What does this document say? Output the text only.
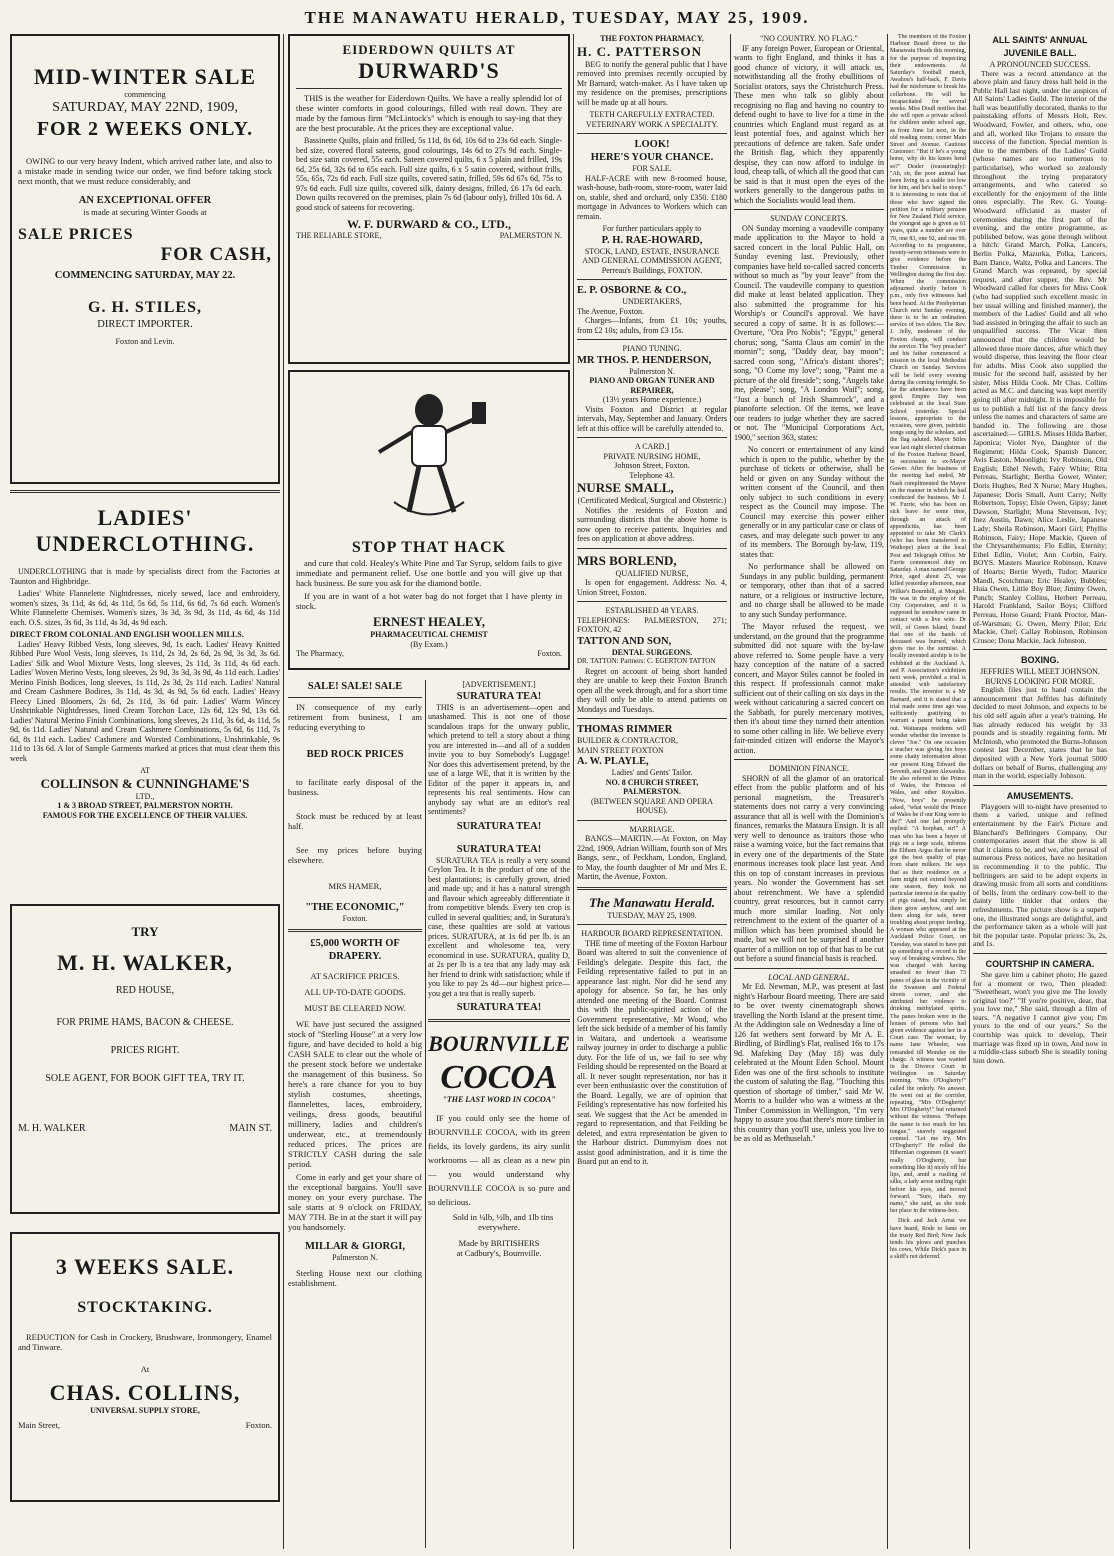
THE MANAWATU HERALD, TUESDAY, MAY 25, 1909.
MID-WINTER SALE
commencing
SATURDAY, MAY 22ND, 1909,
FOR 2 WEEKS ONLY.

OWING to our very heavy Indent, which arrived rather late, and also to a mistake made in sending twice our order, we find before taking stock next month, that we must reduce considerably, and

AN EXCEPTIONAL OFFER
is made at securing Winter Goods at
SALE PRICES
FOR CASH,
COMMENCING SATURDAY, MAY 22.
G. H. STILES,
DIRECT IMPORTER.
Foxton and Levin.
LADIES'
UNDERCLOTHING.

UNDERCLOTHING that is made by specialists direct from the Factories at Taunton and Highbridge.

Ladies' White Flannelette Nightdresses, nicely sewed, lace and embroidery, women's sizes, 3s 11d, 4s 6d, 4s 11d, 5s 6d, 5s 11d, 6s 6d, 7s 6d each. Women's White Flannelette Chemises. Women's sizes, 3s 3d, 3s 9d, 3s 11d, 4s 6d, 4s 11d each. O.S. sizes, 3s 6d, 3s 11d, 4s 3d, 4s 9d each.

DIRECT FROM COLONIAL AND ENGLISH WOOLLEN MILLS.

Ladies' Heavy Ribbed Vests, long sleeves, 9d, 1s each. Ladies' Heavy Knitted Ribbed Pure Wool Vests, long sleeves, 1s 11d, 2s 3d, 2s 6d, 2s 9d, 3s 3d, 3s 6d. Ladies' Silk and Wool Mixture Vests, long sleeves, 2s 11d, 3s 11d, 4s 6d each. Ladies' Woven Merino Vests, long sleeves, 2s 9d, 3s 3d, 3s 9d, 4s 11d each. Ladies' Merino Finish Bodices, long sleeves, 1s 11d, 2s 3d, 2s 11d each. Ladies' Natural and Cream Cashmere Bodices, 3s 11d, 4s 3d, 4s 9d, 5s 6d each. Ladies' Heavy Fleecy Lined Bloomers, 2s 6d, 2s 11d, 3s 6d pair. Ladies' Warm Wincey Unshrinkable Nightdresses, lined Cream Torchon Lace, 12s 6d, 12s 9d, 13s 6d. Ladies' Natural Merino Finish Combinations, long sleeves, 2s 11d, 3s 6d, 4s 11d, 5s 9d, 6s 11d. Ladies' Natural and Cream Cashmere Combinations, 5s 6d, 6s 11d, 7s 6d, 8s 11d each. Ladies' Cashmere and Worsted Combinations, Unshrinkable, 9s 11d to 13s 6d. A lot of Sample Garments marked at prices that must clear them this week

AT
COLLINSON & CUNNINGHAME'S
LTD.,
1 & 3 BROAD STREET, PALMERSTON NORTH.
FAMOUS FOR THE EXCELLENCE OF THEIR VALUES.
TRY
M. H. WALKER,
RED HOUSE,
FOR PRIME HAMS, BACON & CHEESE.
PRICES RIGHT.
SOLE AGENT, FOR BOOK GIFT TEA, TRY IT.
M. H. WALKER	MAIN ST.
3 WEEKS SALE.
STOCKTAKING.

REDUCTION for Cash in Crockery, Brushware, Ironmongery, Enamel and Tinware.

At
CHAS. COLLINS,
UNIVERSAL SUPPLY STORE,
Main Street,	Foxton.
EIDERDOWN QUILTS AT
DURWARD'S

THIS is the weather for Eiderdown Quilts. We have a really splendid lot of these winter comforts in good colourings, filled with real down. They are made by the famous firm "McLintock's" which is enough to say-ing that they are the best procurable. At the prices they are exceptional value.

Bassinette Quilts, plain and frilled, 5s 11d, 8s 6d, 10s 6d to 23s 6d each. Single-bed size, covered floral sateens, good colourings, 14s 6d to 27s 9d each. Single-bed size satin covered, 55s each. Sateen covered quilts, 6 x 5 plain and frilled, 19s 6d, 25s 6d, 32s 6d to 65s each. Full size quilts, 6 x 5 satin covered, without frills, 55s, 65s, 72s 6d each. Full size quilts, covered satin, frilled, 59s 6d 67s 6d, 75s to 97s 6d each. Full size quilts, covered silk, dainty designs, frilled, £6 17s 6d each. Down quilts recovered on the premises, plain 7s 6d (labour only), frilled 10s 6d. A good stock of sateens for recovering.

W. F. DURWARD & CO., LTD.,
THE RELIABLE STORE,	PALMERSTON N.
STOP THAT HACK

and cure that cold. Healey's White Pine and Tar Syrup, seldom fails to give immediate and permanent relief. Use one bottle and you will give up that hack business. Be sure you ask for the diamond bottle.

If you are in want of a hot water bag do not forget that I have plenty in stock.

ERNEST HEALEY,
PHARMACEUTICAL CHEMIST
(By Exam.)
The Pharmacy,	Foxton.
SALE! SALE! SALE

IN consequence of my early retirement from business, I am reducing everything to

BED ROCK PRICES

to facilitate early disposal of the business.

Stock must be reduced by at least half.

See my prices before buying elsewhere.

MRS HAMER,
"THE ECONOMIC,"
Foxton.
£5,000 WORTH OF
DRAPERY.
AT SACRIFICE PRICES.
ALL UP-TO-DATE GOODS.
MUST BE CLEARED NOW.

WE have just secured the assigned stock of "Sterling House" at a very low figure, and have decided to hold a big CASH SALE to clear out the whole of the present stock before we undertake the management of this business. So here's a rare chance for you to buy stylish costumes, sheetings, flannelettes, laces, embroidery, veilings, dress goods, beautiful millinery, ladies and children's underwear, etc., at tremendously reduced prices. The prices are STRICTLY CASH during the sale period.

Come in early and get your share of the exceptional bargains. You'll save money on your every purchase. The sale starts at 9 o'clock on FRIDAY, MAY 7TH. Be in at the start it will pay you handsomely.

MILLAR & GIORGI,
Palmerston N.

Sterling House next our clothing establishment.

[ADVERTISEMENT.]
SURATURA TEA!

THIS is an advertisement—open and unashamed. This is not one of those scandalous traps for the unwary public, which pretend to tell a story about a thing you are interested in—and all of a sudden invite you to buy Somebody's Luggage! Nor does this advertisement pretend, by the use of a large WE, that it is written by the Editor of the paper it appears in, and represents his real sentiments. How can anybody say what are an editor's real sentiments?

SURATURA TEA!
SURATURA TEA!

SURATURA TEA is really a very sound Ceylon Tea. It is the product of one of the best plantations; is carefully grown, dried and made up; and it has a natural strength and flavour which agreeably differentiate it from competitive blends. Every ten crop is culled in several qualities; and, in Suratura's case, these qualities are sold at various prices. SURATURA, at 1s 6d per lb. is an excellent and wholesome tea, very economical in use. SURATURA, quality D, at 2s per lb is a tea that any lady may ask her friend to drink with satisfaction; while if you like to pay 2s 4d—our highest price—you get a tea that is really superb.

SURATURA TEA!
BOURNVILLE
COCOA
"THE LAST WORD IN COCOA"

IF you could only see the home of BOURNVILLE COCOA, with its green fields, its lovely gardens, its airy sunlit workrooms — all as clean as a new pin — you would understand why BOURNVILLE COCOA is so pure and so delicious.

Sold in ¼lb, ½lb, and 1lb tins everywhere.

Made by BRITISHERS
at Cadbury's, Bournville.
THE FOXTON PHARMACY.
H. C. PATTERSON

BEG to notify the general public that I have removed into premises recently occupied by Mr Barnard, watch-maker. As I have taken up my residence on the premises, prescriptions will be made up at all hours.

TEETH CAREFULLY EXTRACTED. VETERINARY WORK A SPECIALITY.
LOOK!
HERE'S YOUR CHANCE.
FOR SALE.

HALF-ACRE with new 8-roomed house, wash-house, bath-room, store-room, water laid on, stable, shed and orchard, only £350. £180 mortgage in Advances to Workers which can remain.

For further particulars apply to
P. H. RAE-HOWARD,
STOCK, LAND, ESTATE, INSURANCE AND GENERAL COMMISSION AGENT,
Perreau's Buildings, FOXTON.
E. P. OSBORNE & CO.,
UNDERTAKERS,
The Avenue, Foxton.

Charges—Infants, from £1 10s; youths, from £2 10s; adults, from £3 15s.

PIANO TUNING.
MR THOS. P. HENDERSON,
Palmerston N.
PIANO AND ORGAN TUNER AND REPAIRER,
(13½ years Home experience.)

Visits Foxton and District at regular intervals, May, September and January. Orders left at this office will be carefully attended to.

A CARD.]
PRIVATE NURSING HOME,
Johnson Street, Foxton.
Telephone 43.
NURSE SMALL,
(Certificated Medical, Surgical and Obstetric.)

Notifies the residents of Foxton and surrounding districts that the above home is now open to receive patients. Inquiries and fees on application at above address.

MRS BORLEND,
QUALIFIED NURSE,

Is open for engagement. Address: No. 4, Union Street, Foxton.

ESTABLISHED 48 YEARS.
TELEPHONES: PALMERSTON, 271; FOXTON, 42
TATTON AND SON,
DENTAL SURGEONS.
DR. TATTON: Partners: C. EGERTON TATTON

Regret on account of being short handed they are unable to keep their Foxton Branch open all the week through, and for a short time they will only be able to attend patients on Mondays and Tuesdays.

THOMAS RIMMER
BUILDER & CONTRACTOR,
MAIN STREET FOXTON
A. W. PLAYLE,
Ladies' and Gents' Tailor.
NO. 8 CHURCH STREET, PALMERSTON.
(BETWEEN SQUARE AND OPERA HOUSE).
MARRIAGE.

BANGS—MARTIN.—At Foxton, on May 22nd, 1909, Adrian William, fourth son of Mrs Bangs, senr., of Peckham, London, England, to May, the fourth daughter of Mr and Mrs E. Martin, the Avenue, Foxton.

The Manawatu Herald.
TUESDAY, MAY 25, 1909.
HARBOUR BOARD REPRESENTATION.

THE time of meeting of the Foxton Harbour Board was altered to suit the convenience of Feilding's delegate. Despite this fact, the Feilding representative failed to put in an appearance last night. Nor did he send any apology for absence. So far, he has only attended one meeting of the Board. Contrast this with the public-spirited action of the Government representative, Mr Wood, who left the sick bedside of a member of his family in Waitara, and undertook a wearisome railway journey in order to discharge a public duty. For the life of us, we fail to see why Feilding should be represented on the Board at all. It never sought representation, nor has it ever been enthusiastic over the constitution of the Board. Legally, we are of opinion that Feilding's representative has now forfeited his seat. We suggest that the Act be amended in regard to representation, and that Feilding be deleted, and extra representation be given to the Harbour district. Dummyism does not assist good administration, and it is time the Board put an end to it.

"NO COUNTRY. NO FLAG."

IF any foreign Power, European or Oriental, wants to fight England, and thinks it has a good chance of victory, it will attack us, notwithstanding all the frothy ebullitions of Socialist orators, says the Christchurch Press. These men who talk so glibly about recognising no flag and having no country to defend ought to have to live for a time in the countries which England must regard as at least potential foes, and against which her precautions of defence are taken. Safe under the British flag, which they apparently despise, they can now afford to indulge in loud, cheap talk, of which all the good that can be said is that it must open the eyes of the workers generally to the dangerous paths in which the Socialists would lead them.

SUNDAY CONCERTS.

ON Sunday morning a vaudeville company made application to the Mayor to hold a sacred concert in the local Public Hall, on Sunday evening last. Previously, other companies have held so-called sacred concerts without so much as "by your leave" from the Council. The vaudeville company to question did make at least belated application. They also submitted the programme for his Worship's or Council's approval. We have secured a copy of same. It is as follows:—Overture, "Ora Pro Nobis"; "Egypt," general chorus; song, "Santa Claus am comin' in the mornin'"; song, "Daddy dear, bay moon"; sacred coon song, "Africa's distant shores"; song, "O Come my love"; song, "Paint me a picture of the old fireside"; song, "Angels take me, please"; song, "A London Waif"; song, "Just a bunch of Irish Shamrock", and a pianoforte selection. Of the items, we leave our readers to judge whether they are sacred or not. The "Municipal Corporations Act, 1900," section 363, states:

No concert or entertainment of any kind which is open to the public, whether by the purchase of tickets or otherwise, shall be held or given on any Sunday without the written consent of the Council, and then only subject to such conditions in every respect as the Council may impose. The Council may exercise this power either generally or in any particular case or class of cases, and may delegate such power to any of its members. The Borough by-law, 119, states that:

No performance shall be allowed on Sundays in any public building, permanent or temporary, other than that of a sacred nature, or a religious or instructive lecture, and no charge shall be allowed to be made to any such Sunday performance.

The Mayor refused the request, we understand, on the ground that the programme submitted did not square with the by-law above referred to. Some people have a very hazy conception of the nature of a sacred concert, and Mayor Stiles cannot be fooled in this respect. If professionals cannot make sufficient out of their calling on six days in the week without caricaturing a sacred concert on the Sabbath, for purely mercenary motives, then it's about time they turned their attention to some other calling in life. We believe every fair-minded citizen will endorse the Mayor's action.

DOMINION FINANCE.

SHORN of all the glamor of an oratorical effect from the public platform and of his personal magnetism, the Treasurer's statements does not carry a very convincing assurance that all is well with the Dominion's finances, remarks the Mataura Ensign. It is all very well to denounce as traitors those who raise a warning voice, but the fact remains that in every one of the departments of the State enormous increases took place last year. And this on top of constant increases in previous years. No wonder the Government has set about retrenchment. We have a splendid country, great resources, but it cannot carry much more similar loading. Not only retrenchment to the extent of the quarter of a million which has been promised should be made, but we will not be surprised if another quarter of a million on top of that has to be cut out before a sound financial basis is reached.

LOCAL AND GENERAL.

Mr Ed. Newman, M.P., was present at last night's Harbour Board meeting. There are said to be over twenty cinematograph shows travelling the North Island at the present time. At the Addington sale on Wednesday a line of 126 fat wethers sent forward by Mr A. E. Birdling, of Birdling's Flat, realised 16s to 17s 9d. Mafeking Day (May 18) was duly celebrated at the Mount Eden School. Mount Eden was one of the first schools to institute the custom of saluting the flag. "Touching this question of shortage of timber," said Mr W. Morris to a builder who was a witness at the Timber Commission in Wellington, "I'm very happy to assure you that there's more timber in this country than you'll use, unless you live to be as old as Methuselah."

The members of the Foxton Harbour Board drove to the Manawatu Heads this morning, for the purpose of inspecting their endowments. At Saturday's football match, Awahou's half-back, F. Davis had the misfortune to break his collarbone. He will be incapacitated for several weeks. Miss Doull notifies that she will open a private school for children under school age, as from June 1st next, in the old reading room; corner Main Street and Avenue. Cautious Customer: "But if he's a young horse, why do his knees bend so?" Dealer (reassuringly): "Ah, sir, the poor animal has been living in a stable too low for him, and he's had to stoop." It is interesting to note that of those who have signed the petition for a military pension for New Zealand Field service, the youngest age is given as 61 years, quite a number are over 70, one 83, one 92, and one 99. According to its programme, twenty-seven witnesses were to give evidence before the Timber Commission in Wellington during the first day. When the commission adjourned shortly before 6 p.m., only five witnesses had been heard. At the Presbyterian Church next Sunday evening, there is to be an ordination service of two elders. The Rev. J. Jelly, moderator of the Foxton charge, will conduct the service. The "boy preacher" and his father commenced a mission in the local Methodist Church on Sunday. Services will be held every evening during the coming fortnight. So far the attendances have been good. Empire Day was celebrated at the local State School yesterday. Special lessons, appropriate to the occasion, were given, patriotic songs sung by the scholars, and the flag saluted. Mayor Stiles was last night elected chairman of the Foxton Harbour Board, in succession to ex-Mayor Gower. After the business of the meeting had ended, Mr Nash complimented the Mayor on the manner in which he had conducted the business. Mr J. W. Furrie, who has been on sick leave for some time, through an attack of appendicitis, has been appointed to take Mr Clark's (who has been transferred to Waihope) place at the local Post and Telegraph Office. Mr Furrie commenced duty on Saturday. A man named George Price, aged about 25, was killed yesterday afternoon, near Wilkie's Bournhill, at Mosgiel. He was in the employ of the City Corporation, and it is supposed he somehow came in contact with a live wire. Dr Will, of Green Island, found that one of the bands of deceased was burned, which gives rise to the surmise. A locally invented airship is to be exhibited at the Auckland A. and P. Association's exhibition next week, provided a trial is attended with satisfactory results. The inventor is a Mr Barnard, and it is stated that a trial made some time ago was sufficiently gratifying to warrant a patent being taken out. Waitarapa residents will wonder whether the inventor is clever "Joe." On one occasion a teacher was giving his boys some chatty information about our present King Edward the Seventh, and Queen Alexandra. He also referred to the Prince of Wales, the Princess of Wales, and other Royalties. "Now, boys" he presently asked, "what would the Prince of Wales be if our King were to die?" And one lad promptly replied: "A horphan, sir!" A man who has been a buyer of pigs on a large scale, informs the Eltham Argus that he never got the best quality of pigs from share milkers. He says that as their residence on a farm might not extend beyond one season, they took no particular interest in the quality of pigs raised, but simply let them grow anyhow, and sent them along for sale, never troubling about proper feeding. A woman who appeared at the Auckland Police Court, on Tuesday, was stated to have put up something of a record in the way of breaking windows. She was charged with having smashed no fewer than 73 panes of glass in the vicinity of the Swanson and Federal streets corner, and she attributed her violence to drinking methylated spirits. The panes broken were in the houses of persons who had given evidence against her in a Court case. The woman, by name Jane Wheeler, was remanded till Monday on the charge. A witness was wanted in the Divorce Court in Wellington on Saturday morning. "Mrs O'Dogherty!" called the orderly. No answer. He went out at the corridor, repeating, "Mrs O'Dogherty! Mrs O'Dogherty!" but returned without the witness. "Perhaps the name is too much for his tongue," snavely suggested counsel. "Let me try, Mrs O'Dogherty!" He rolled the Hibernian cognomen (it wasn't really O'Dogherty, but something like it) nicely off his lips, and, amid a rustling of silks, a lady arose smiling right before his eyes, and moved forward. "Sure, that's my name," she said, as she took her place in the witness-box.

Dick and Jack Arnst we have heard, Rode to fame on the trusty Red Bird; Now Jack tends his plows and punches his cows, While Dick's pace in a skiff's not deferred.

ALL SAINTS' ANNUAL
JUVENILE BALL.
A PRONOUNCED SUCCESS.

There was a record attendance at the above plain and fancy dress ball held in the Public Hall last night, under the auspices of All Saints' Ladies Guild. The interior of the hall was beautifully decorated, thanks to the painstaking efforts of Messrs Holt, Rev. Woodward, Fowler, and others, who, one and all, worked like Trojans to ensure the success of the function. Special mention is due to the members of the Ladies' Guild (whose names are too numerous to particularise), who worked so zealously throughout the trying preparatory arrangements, and who catered so excellently for the enjoyment of the little ones especially. The Rev. G. Young-Woodward officiated as master of ceremonies during the first part of the evening, and the entire programme, as published below, was gone through without a hitch: Grand March, Polka, Lancers, Berlin Polka, Mazurka, Polka, Lancers, Barn Dance, Waltz, Polka and Lancers. The Grand March was repeated, by special request, and after supper, the Rev. Mr Woodward called for cheers for Miss Cook (who had supplied such excellent music in her usual willing and finished manner), the members of the Ladies' Guild and all who had assisted in bringing the affair to such an unqualified success. The Vicar then announced that the children would be allowed three more dances, after which they would disperse, thus leaving the floor clear for adults. Miss Cook also supplied the music for the second half, assisted by her sister, Miss Hilda Cook. Mr Chas. Collins acted as M.C. and dancing was kept merrily going till after midnight. It is impossible for us to publish a full list of the fancy dress unless the names and characters of same are handed in. The following are those ascertained:— GIRLS. Misses Hilda Barber, Japonica; Violet Nye, Daughter of the Regiment; Hilda Cook, Spanish Dancer; Avis Easton, Moonlight; Ivy Robinson, Old English; Ethel Newth, Fairy White; Rita Perreau, Starlight; Bertha Gower, Winter; Doris Hughes, Red X Nurse; Mary Hughes, Japanese; Doris Small, Aunt Carry; Nelly Robertson, Topsy; Elsie Owen, Gipsy; Janet Dawson, Starlight; Mona Stevenson, Ivy; Inez Austin, Dawn; Alice Leslie, Japanese Lady; Sheila Robinson, Maori Girl; Phyllis Robinson, Fairy; Hope Mackie, Queen of the Chrysanthemums; Flo Edlin, Eternity; Ethel Edlin, Violet; Ann Corbin, Fairy. BOYS. Masters Maurice Robinson, Knave of Hearts; Bertie Wyeth, Tudor; Maurice Mandl, Scotchman; Eric Healey, Bubbles; Huia Owen, Little Boy Blue; Jimmy Owen, Punch; Stanley Collins, Herbert Perreau, Harold Frankland, Sailor Boys; Clifford Perreau, Horse Guard; Frank Proctor, Man-of-Warsman; G. Owen, Merry Pilot; Eric Mackie, Chef; Callay Robinson, Robinson Crusoe; Dona Mackie, Jack Johnston.

BOXING.
JEFFRIES WILL MEET JOHNSON.
BURNS LOOKING FOR MORE.

English files just to hand contain the announcement that Jeffries has definitely decided to meet Johnson, and expects to be his old self again after a year's training. He has already reduced his weight by 33 pounds and is steadily regaining form. Mr McIntosh, who promoted the Burns-Johnson contest last December, states that he has deposited with a New York journal 5000 dollars on behalf of Burns, challenging any man in the world, especially Johnson.

AMUSEMENTS.

Playgoers will to-night have presented to them a varied, unique and refined entertainment by the Fair's Picture and Blanchard's Bellringers Company. Our contemporaries assert that the show is all that it claims to be, and we, after perusal of numerous Press notices, have no hesitation in recommending it to the public. The bellringers are said to be adept experts in drawing music from all sorts and conditions of bells, from the ordinary cow-bell to the dainty little tinkler that orders the refreshments. The picture show is a superb one, the illustrated songs are delightful, and the performance taken as a whole will just hit the popular taste. Popular prices: 3s, 2s, and 1s.

COURTSHIP IN CAMERA.

She gave him a cabinet photo; He gazed for a moment or two, Then pleaded: "Sweetheart, won't you give me The lovely original too?" "If you're positive, dear, that you love me," She said, through a film of tears, "A negative I cannot give you; I'm yours to the end of our years." So the courtship was quick to develop, Their marriage was fixed up in town, And now in a middle-class suburb She is steadily toning him down.
